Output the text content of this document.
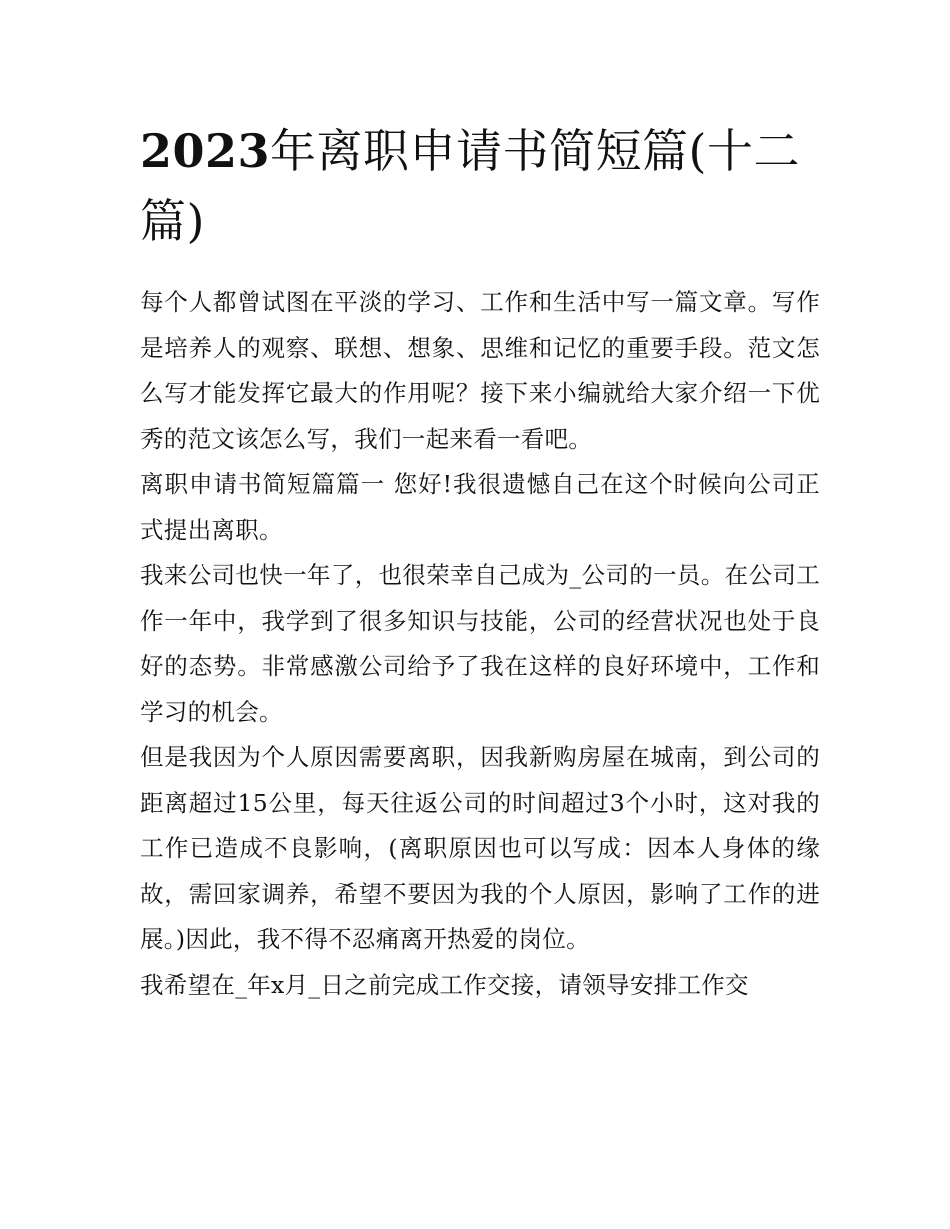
2023年离职申请书简短篇(十二篇)

每个人都曾试图在平淡的学习、工作和生活中写一篇文章。写作是培养人的观察、联想、想象、思维和记忆的重要手段。范文怎么写才能发挥它最大的作用呢？接下来小编就给大家介绍一下优秀的范文该怎么写，我们一起来看一看吧。

离职申请书简短篇篇一 您好!我很遗憾自己在这个时候向公司正式提出离职。

我来公司也快一年了，也很荣幸自己成为_公司的一员。在公司工作一年中，我学到了很多知识与技能，公司的经营状况也处于良好的态势。非常感激公司给予了我在这样的良好环境中，工作和学习的机会。

但是我因为个人原因需要离职，因我新购房屋在城南，到公司的距离超过15公里，每天往返公司的时间超过3个小时，这对我的工作已造成不良影响，(离职原因也可以写成：因本人身体的缘故，需回家调养，希望不要因为我的个人原因，影响了工作的进展。)因此，我不得不忍痛离开热爱的岗位。

我希望在_年x月_日之前完成工作交接，请领导安排工作交
